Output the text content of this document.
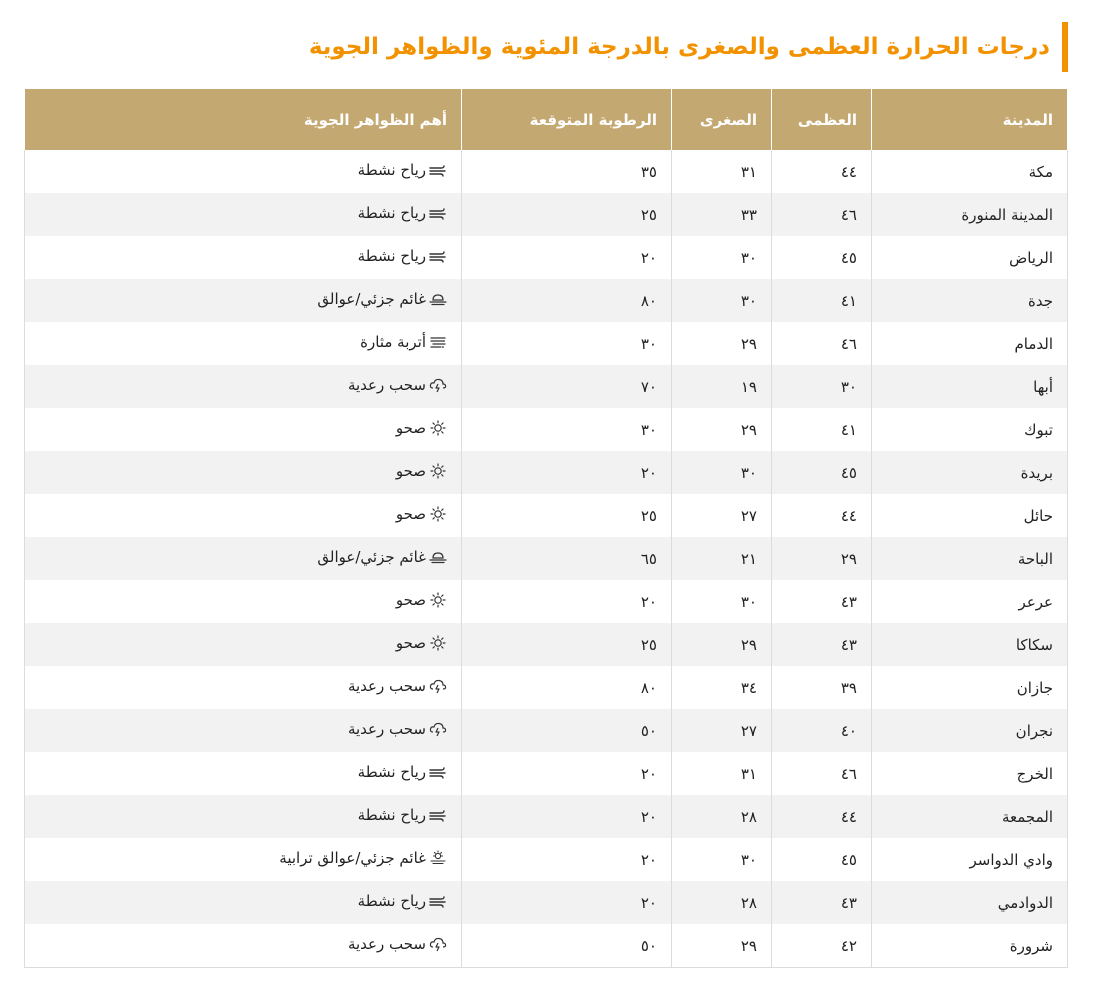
درجات الحرارة العظمى والصغرى بالدرجة المئوية والظواهر الجوية
المدينة	العظمى	الصغرى	الرطوبة المتوقعة	أهم الظواهر الجوية
مكة	٤٤	٣١	٣٥	رياح نشطة

المدينة المنورة	٤٦	٣٣	٢٥	رياح نشطة

الرياض	٤٥	٣٠	٢٠	رياح نشطة

جدة	٤١	٣٠	٨٠	غائم جزئي/عوالق

الدمام	٤٦	٢٩	٣٠	أتربة مثارة

أبها	٣٠	١٩	٧٠	سحب رعدية

تبوك	٤١	٢٩	٣٠	صحو

بريدة	٤٥	٣٠	٢٠	صحو

حائل	٤٤	٢٧	٢٥	صحو

الباحة	٢٩	٢١	٦٥	غائم جزئي/عوالق

عرعر	٤٣	٣٠	٢٠	صحو

سكاكا	٤٣	٢٩	٢٥	صحو

جازان	٣٩	٣٤	٨٠	سحب رعدية

نجران	٤٠	٢٧	٥٠	سحب رعدية

الخرج	٤٦	٣١	٢٠	رياح نشطة

المجمعة	٤٤	٢٨	٢٠	رياح نشطة

وادي الدواسر	٤٥	٣٠	٢٠	غائم جزئي/عوالق ترابية

الدوادمي	٤٣	٢٨	٢٠	رياح نشطة

شرورة	٤٢	٢٩	٥٠	سحب رعدية
